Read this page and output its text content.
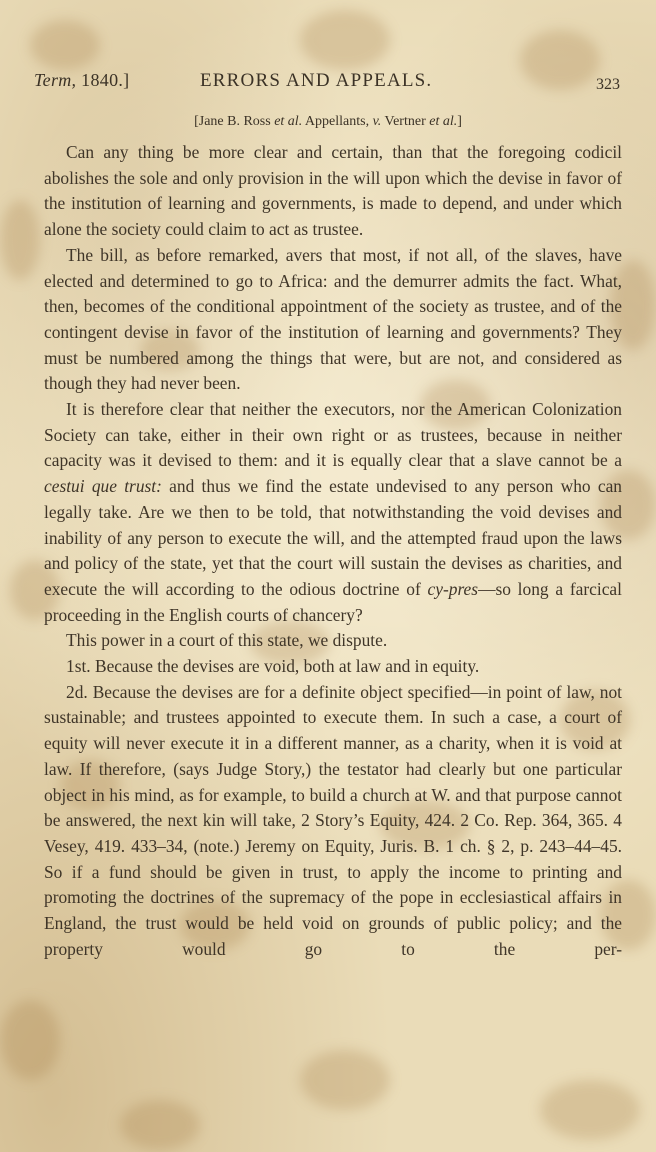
Term, 1840.]	ERRORS AND APPEALS.	323
[Jane B. Ross et al. Appellants, v. Vertner et al.]

Can any thing be more clear and certain, than that the foregoing codicil abolishes the sole and only provision in the will upon which the devise in favor of the institution of learning and governments, is made to depend, and under which alone the society could claim to act as trustee.

The bill, as before remarked, avers that most, if not all, of the slaves, have elected and determined to go to Africa: and the demurrer admits the fact. What, then, becomes of the conditional appointment of the society as trustee, and of the contingent devise in favor of the institution of learning and governments? They must be numbered among the things that were, but are not, and considered as though they had never been.

It is therefore clear that neither the executors, nor the American Colonization Society can take, either in their own right or as trustees, because in neither capacity was it devised to them: and it is equally clear that a slave cannot be a cestui que trust: and thus we find the estate undevised to any person who can legally take. Are we then to be told, that notwithstanding the void devises and inability of any person to execute the will, and the attempted fraud upon the laws and policy of the state, yet that the court will sustain the devises as charities, and execute the will according to the odious doctrine of cy-pres—so long a farcical proceeding in the English courts of chancery?

This power in a court of this state, we dispute.

1st. Because the devises are void, both at law and in equity.

2d. Because the devises are for a definite object specified—in point of law, not sustainable; and trustees appointed to execute them. In such a case, a court of equity will never execute it in a different manner, as a charity, when it is void at law. If therefore, (says Judge Story,) the testator had clearly but one particular object in his mind, as for example, to build a church at W. and that purpose cannot be answered, the next kin will take, 2 Story’s Equity, 424. 2 Co. Rep. 364, 365. 4 Vesey, 419. 433–34, (note.) Jeremy on Equity, Juris. B. 1 ch. § 2, p. 243–44–45. So if a fund should be given in trust, to apply the income to printing and promoting the doctrines of the supremacy of the pope in ecclesiastical affairs in England, the trust would be held void on grounds of public policy; and the property would go to the per-
